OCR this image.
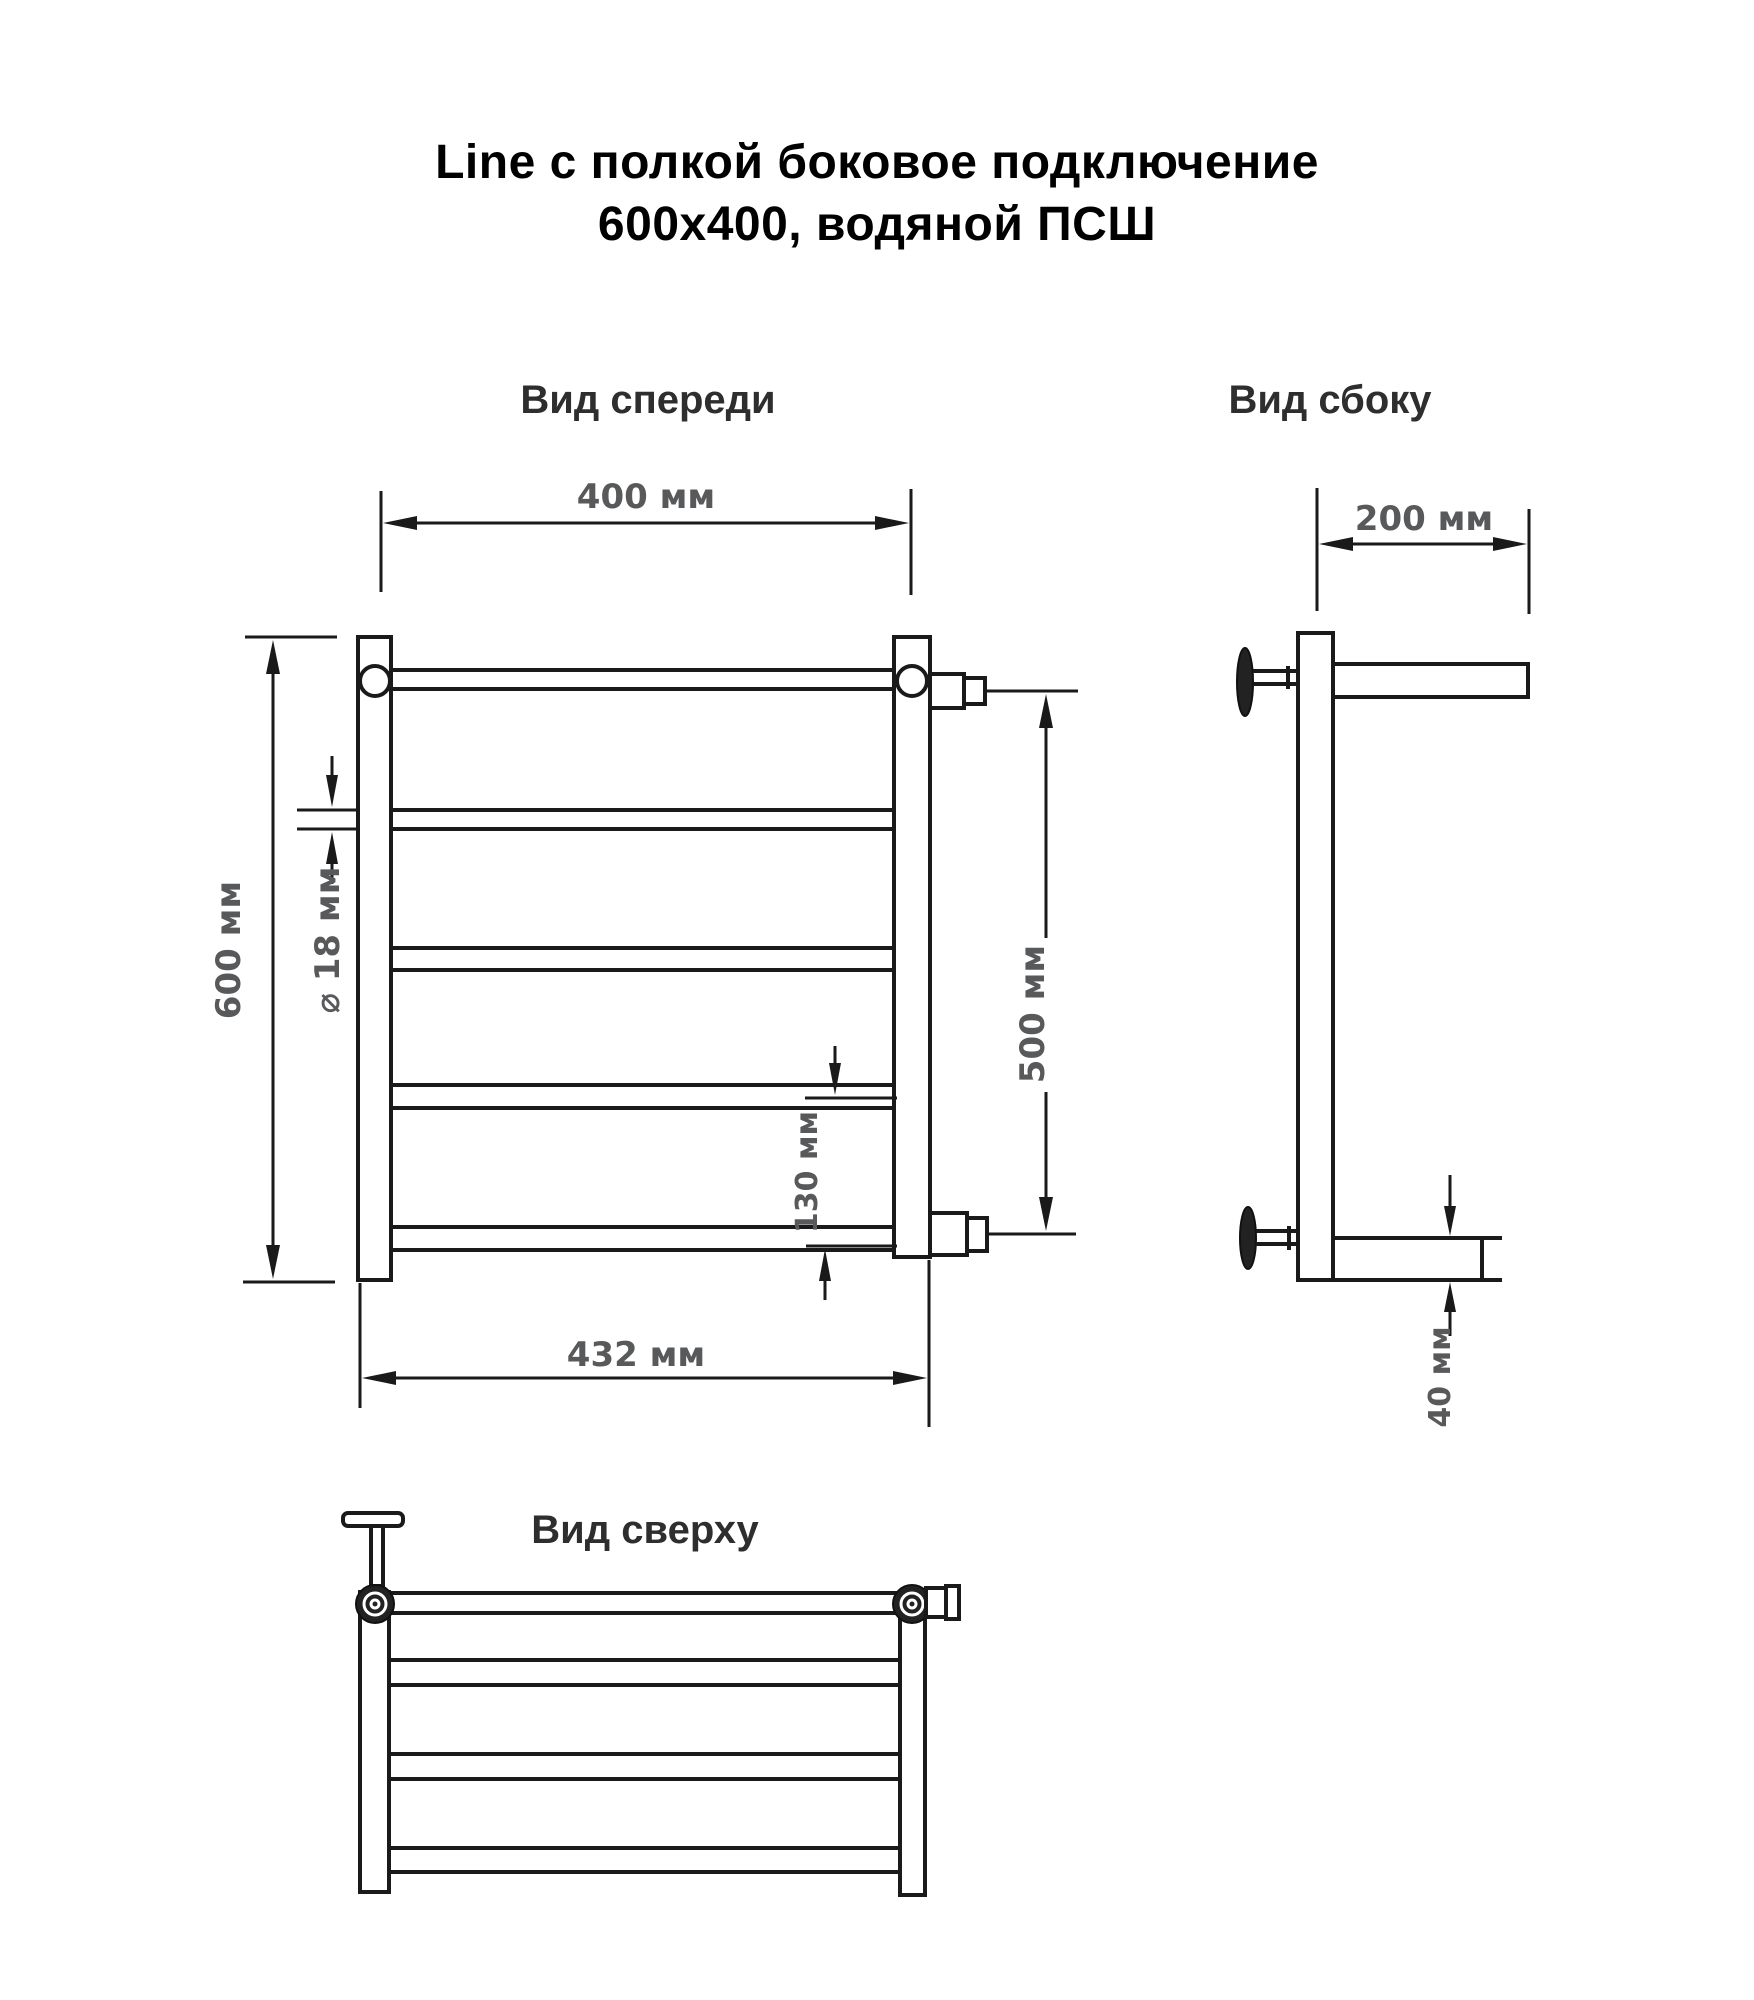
Line с полкой боковое подключение
600х400, водяной ПСШ
Вид спереди	Вид сбоку
Вид сверху
400 мм
600 мм ⌀ 18 мм
130 мм
500 мм
432 мм
200 мм
40 мм
